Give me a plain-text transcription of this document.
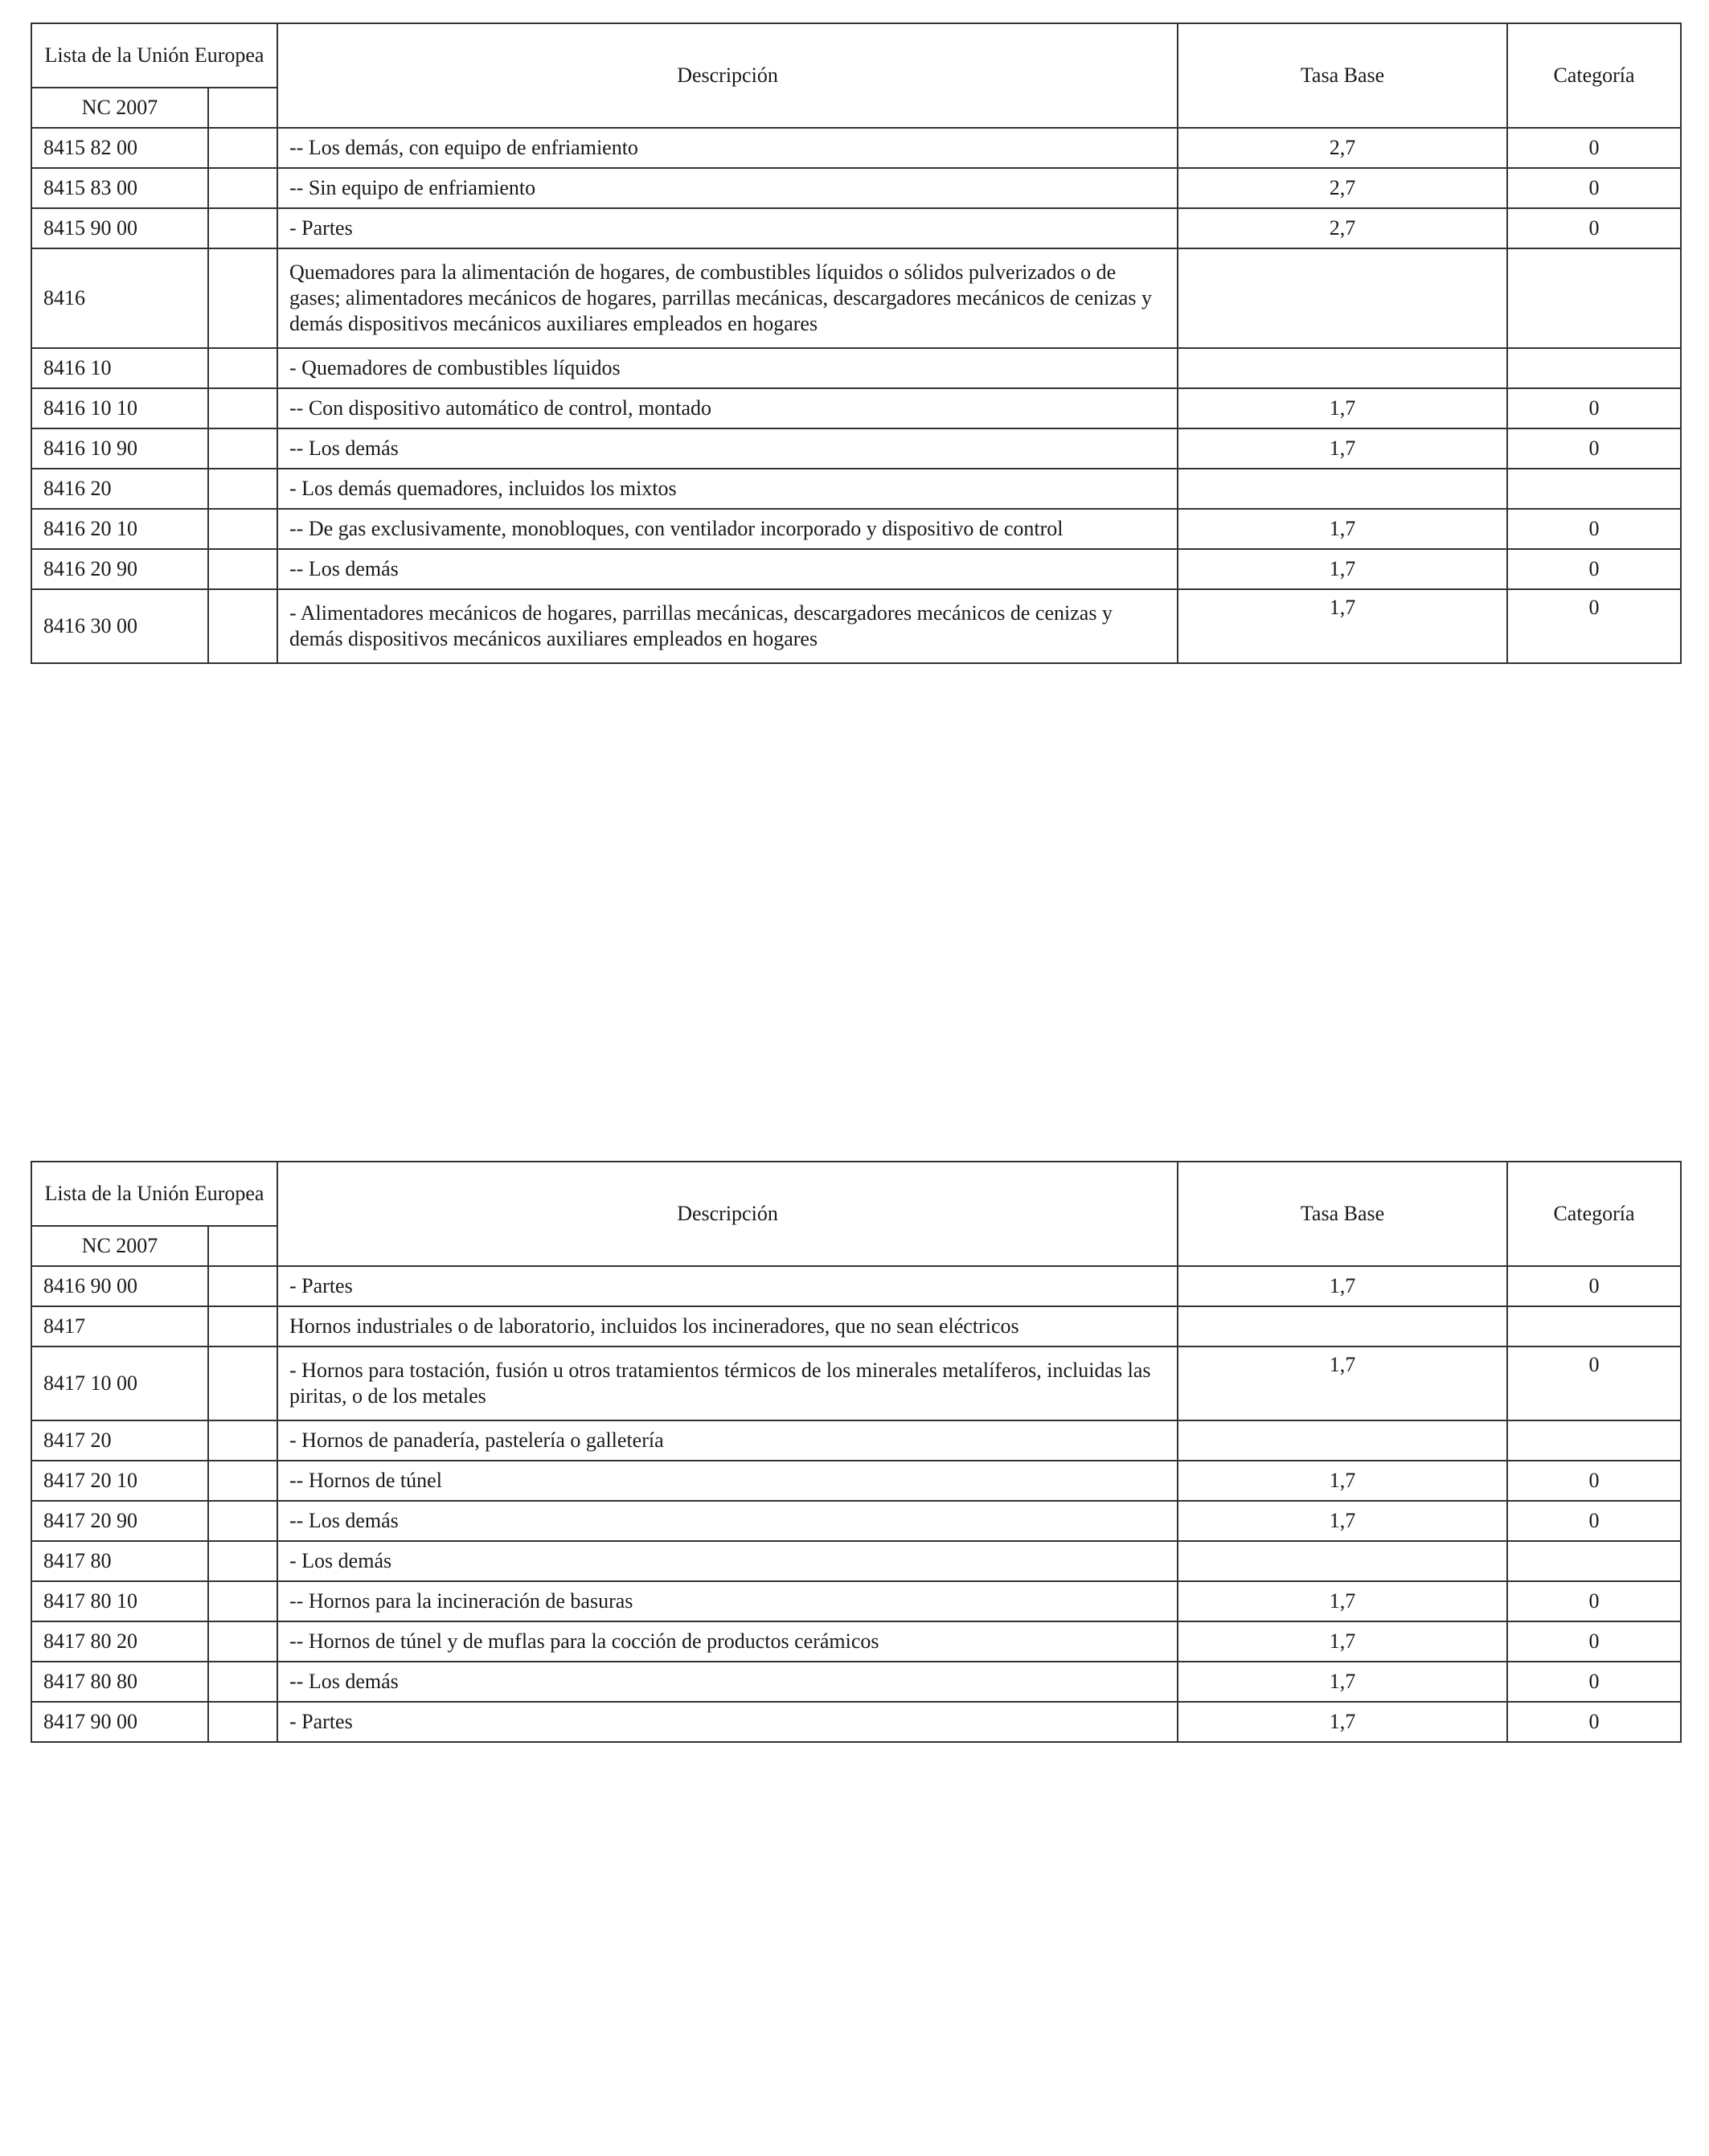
Lista de la Unión Europea		Descripción	Tasa Base	Categoría
NC 2007				
8415 82 00		-- Los demás, con equipo de enfriamiento	2,7	0
8415 83 00		-- Sin equipo de enfriamiento	2,7	0
8415 90 00		- Partes	2,7	0
8416		Quemadores para la alimentación de hogares, de combustibles líquidos o sólidos pulverizados o de gases; alimentadores mecánicos de hogares, parrillas mecánicas, descargadores mecánicos de cenizas y demás dispositivos mecánicos auxiliares empleados en hogares		
8416 10		- Quemadores de combustibles líquidos		
8416 10 10		-- Con dispositivo automático de control, montado	1,7	0
8416 10 90		-- Los demás	1,7	0
8416 20		- Los demás quemadores, incluidos los mixtos		
8416 20 10		-- De gas exclusivamente, monobloques, con ventilador incorporado y dispositivo de control	1,7	0
8416 20 90		-- Los demás	1,7	0
8416 30 00		- Alimentadores mecánicos de hogares, parrillas mecánicas, descargadores mecánicos de cenizas y demás dispositivos mecánicos auxiliares empleados en hogares	1,7	0
Lista de la Unión Europea		Descripción	Tasa Base	Categoría
NC 2007				
8416 90 00		- Partes	1,7	0
8417		Hornos industriales o de laboratorio, incluidos los incineradores, que no sean eléctricos		
8417 10 00		- Hornos para tostación, fusión u otros tratamientos térmicos de los minerales metalíferos, incluidas las piritas, o de los metales	1,7	0
8417 20		- Hornos de panadería, pastelería o galletería		
8417 20 10		-- Hornos de túnel	1,7	0
8417 20 90		-- Los demás	1,7	0
8417 80		- Los demás		
8417 80 10		-- Hornos para la incineración de basuras	1,7	0
8417 80 20		-- Hornos de túnel y de muflas para la cocción de productos cerámicos	1,7	0
8417 80 80		-- Los demás	1,7	0
8417 90 00		- Partes	1,7	0
